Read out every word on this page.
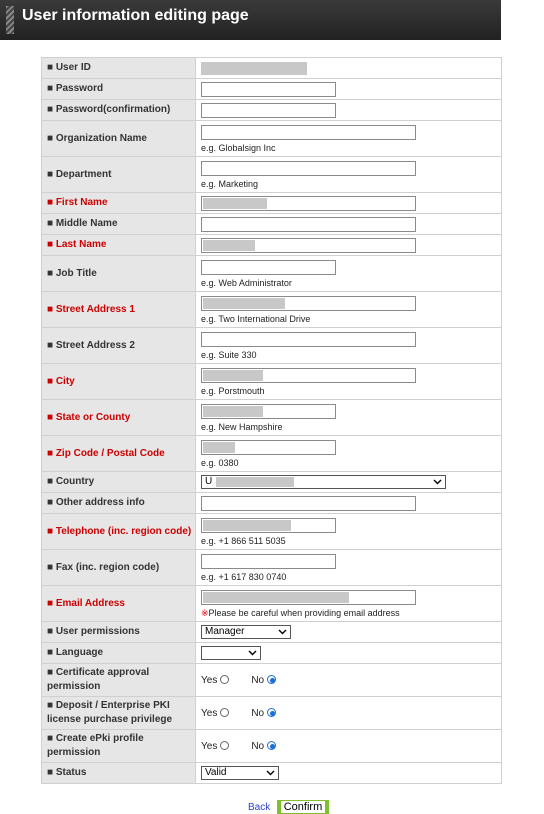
User information editing page
■ User ID	

■ Password	

■ Password(confirmation)	

■ Organization Name	e.g. Globalsign Inc

■ Department	e.g. Marketing

■ First Name	

■ Middle Name	

■ Last Name	

■ Job Title	e.g. Web Administrator

■ Street Address 1	e.g. Two International Drive

■ Street Address 2	e.g. Suite 330

■ City	e.g. Porstmouth

■ State or County	e.g. New Hampshire

■ Zip Code / Postal Code	e.g. 0380

■ Country	U

■ Other address info	

■ Telephone (inc. region code)	e.g. +1 866 511 5035

■ Fax (inc. region code)	e.g. +1 617 830 0740

■ Email Address	※Please be careful when providing email address

■ User permissions	Manager

■ Language	

■ Certificate approval permission	Yes No
■ Deposit / Enterprise PKI license purchase privilege	Yes No
■ Create ePki profile permission	Yes No
■ Status	Valid
Back	Confirm
